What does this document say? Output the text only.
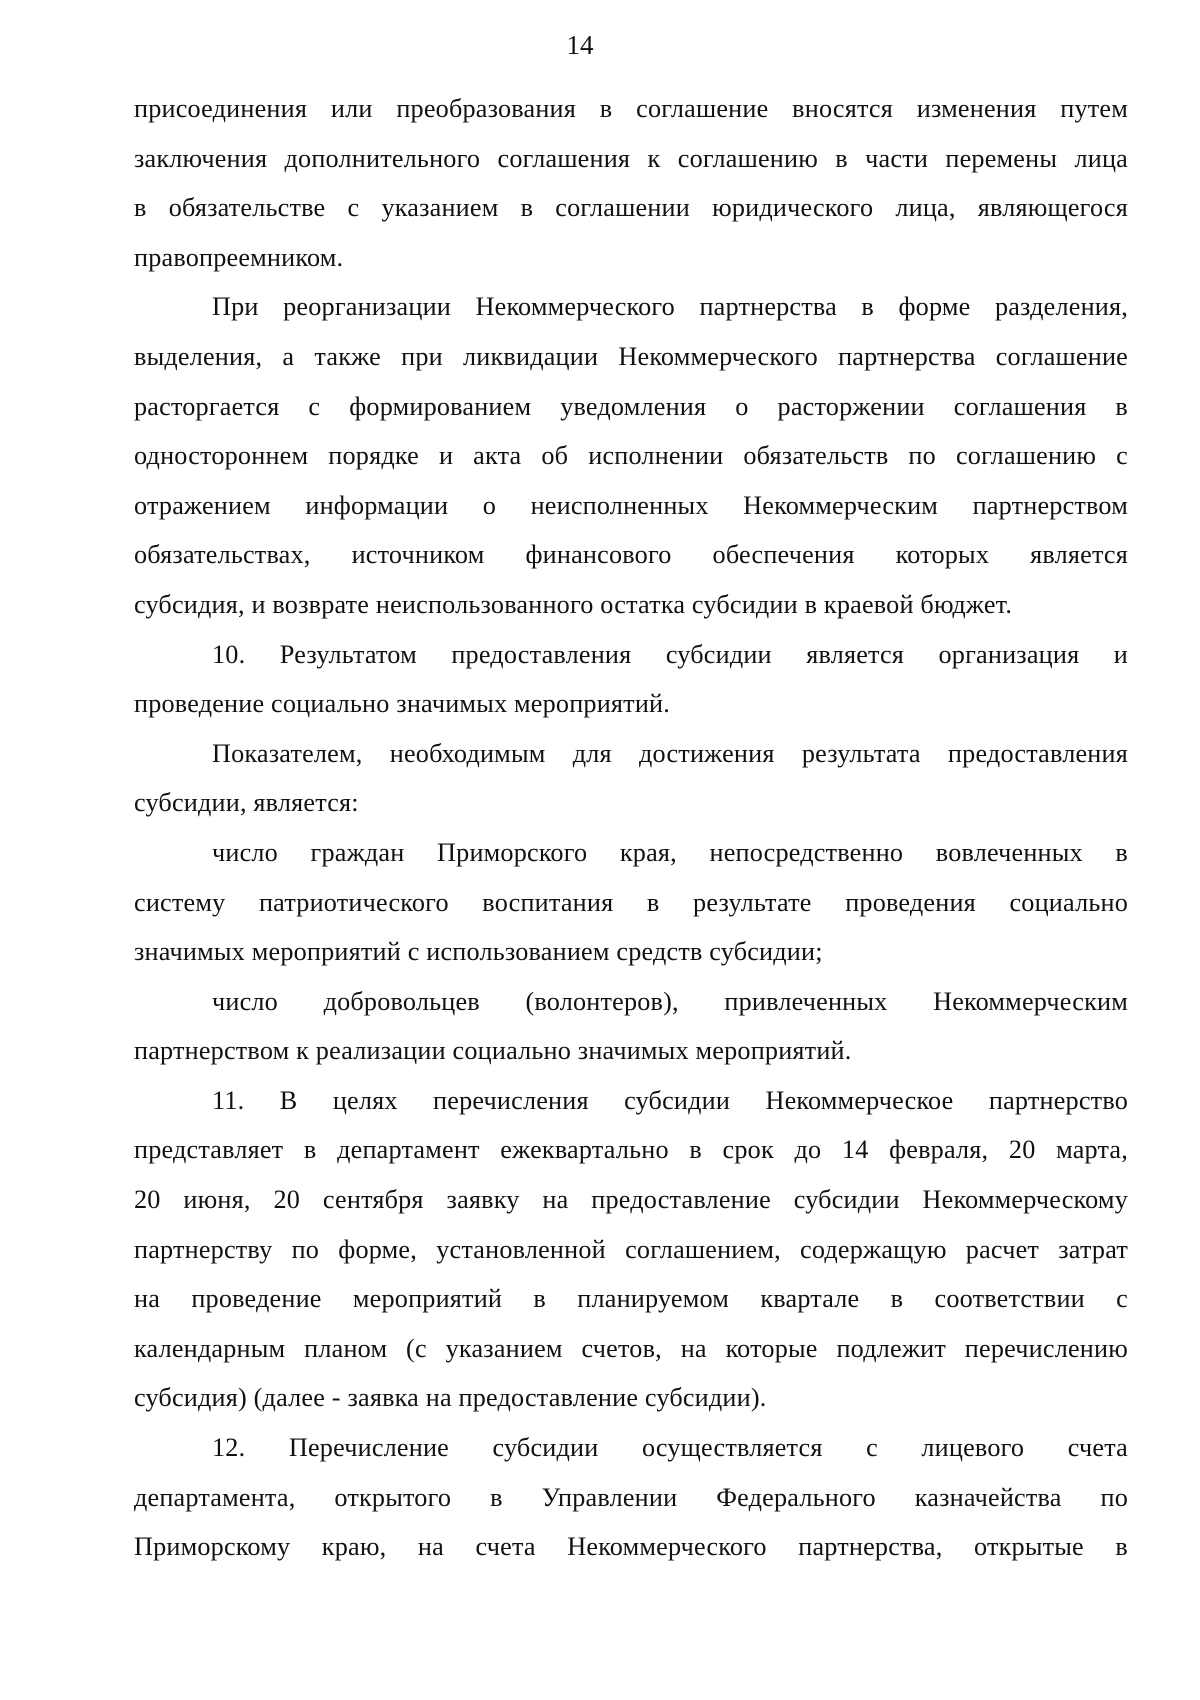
14
присоединения или преобразования в соглашение вносятся изменения путем
заключения дополнительного соглашения к соглашению в части перемены лица
в обязательстве с указанием в соглашении юридического лица, являющегося
правопреемником.
При реорганизации Некоммерческого партнерства в форме разделения,
выделения, а также при ликвидации Некоммерческого партнерства соглашение
расторгается с формированием уведомления о расторжении соглашения в
одностороннем порядке и акта об исполнении обязательств по соглашению с
отражением информации о неисполненных Некоммерческим партнерством
обязательствах, источником финансового обеспечения которых является
субсидия, и возврате неиспользованного остатка субсидии в краевой бюджет.
10. Результатом предоставления субсидии является организация и
проведение социально значимых мероприятий.
Показателем, необходимым для достижения результата предоставления
субсидии, является:
число граждан Приморского края, непосредственно вовлеченных в
систему патриотического воспитания в результате проведения социально
значимых мероприятий с использованием средств субсидии;
число добровольцев (волонтеров), привлеченных Некоммерческим
партнерством к реализации социально значимых мероприятий.
11. В целях перечисления субсидии Некоммерческое партнерство
представляет в департамент ежеквартально в срок до 14 февраля, 20 марта,
20 июня, 20 сентября заявку на предоставление субсидии Некоммерческому
партнерству по форме, установленной соглашением, содержащую расчет затрат
на проведение мероприятий в планируемом квартале в соответствии с
календарным планом (с указанием счетов, на которые подлежит перечислению
субсидия) (далее - заявка на предоставление субсидии).
12. Перечисление субсидии осуществляется с лицевого счета
департамента, открытого в Управлении Федерального казначейства по
Приморскому краю, на счета Некоммерческого партнерства, открытые в
